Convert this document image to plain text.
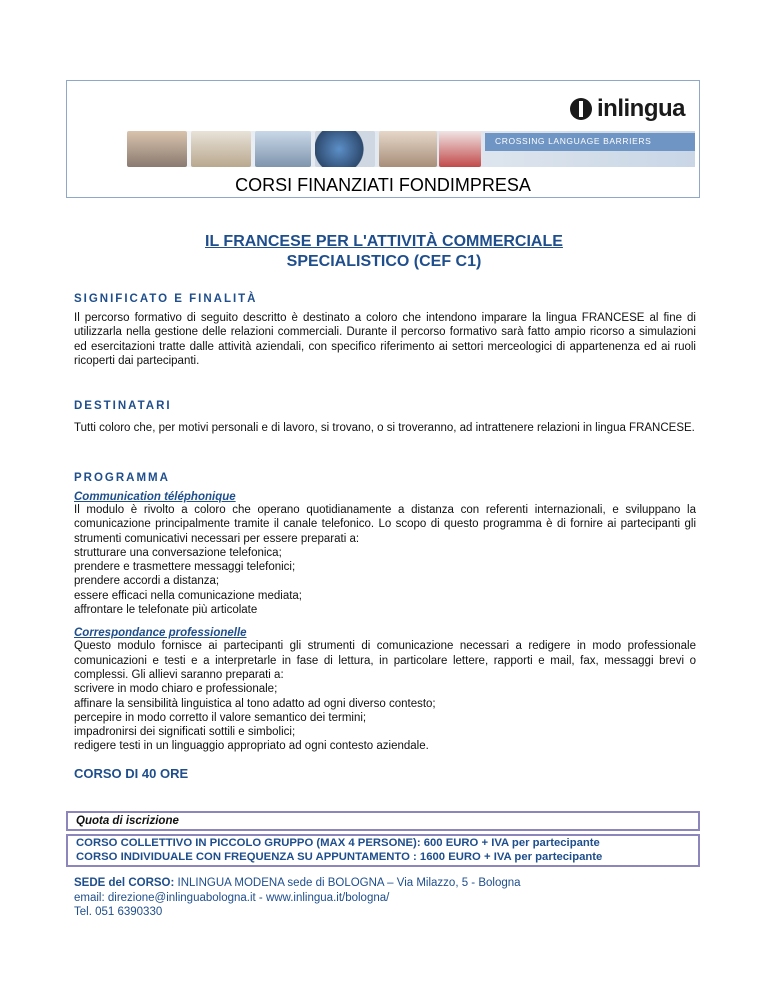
inlingua
CROSSING LANGUAGE BARRIERS
CORSI FINANZIATI FONDIMPRESA
IL FRANCESE PER L'ATTIVITÀ COMMERCIALE
SPECIALISTICO (CEF C1)
SIGNIFICATO E FINALITÀ
Il percorso formativo di seguito descritto è destinato a coloro che intendono imparare la lingua FRANCESE al fine di utilizzarla nella gestione delle relazioni commerciali. Durante il percorso formativo sarà fatto ampio ricorso a simulazioni ed esercitazioni tratte dalle attività aziendali, con specifico riferimento ai settori merceologici di appartenenza ed ai ruoli ricoperti dai partecipanti.
DESTINATARI
Tutti coloro che, per motivi personali e di lavoro, si trovano, o si troveranno, ad intrattenere relazioni in lingua FRANCESE.
PROGRAMMA
Communication téléphonique
Il modulo è rivolto a coloro che operano quotidianamente a distanza con referenti internazionali, e sviluppano la comunicazione principalmente tramite il canale telefonico. Lo scopo di questo programma è di fornire ai partecipanti gli strumenti comunicativi necessari per essere preparati a:
strutturare una conversazione telefonica;
prendere e trasmettere messaggi telefonici;
prendere accordi a distanza;
essere efficaci nella comunicazione mediata;
affrontare le telefonate più articolate
Correspondance professionelle
Questo modulo fornisce ai partecipanti gli strumenti di comunicazione necessari a redigere in modo professionale comunicazioni e testi e a interpretarle in fase di lettura, in particolare lettere, rapporti e mail, fax, messaggi brevi o complessi. Gli allievi saranno preparati a:
scrivere in modo chiaro e professionale;
affinare la sensibilità linguistica al tono adatto ad ogni diverso contesto;
percepire in modo corretto il valore semantico dei termini;
impadronirsi dei significati sottili e simbolici;
redigere testi in un linguaggio appropriato ad ogni contesto aziendale.
CORSO DI 40 ORE
Quota di iscrizione
CORSO COLLETTIVO IN PICCOLO GRUPPO (MAX 4 PERSONE): 600 EURO + IVA per partecipante
CORSO INDIVIDUALE CON FREQUENZA SU APPUNTAMENTO : 1600 EURO + IVA per partecipante
SEDE del CORSO: INLINGUA MODENA sede di BOLOGNA – Via Milazzo, 5 - Bologna
email: direzione@inlinguabologna.it - www.inlingua.it/bologna/
Tel. 051 6390330
